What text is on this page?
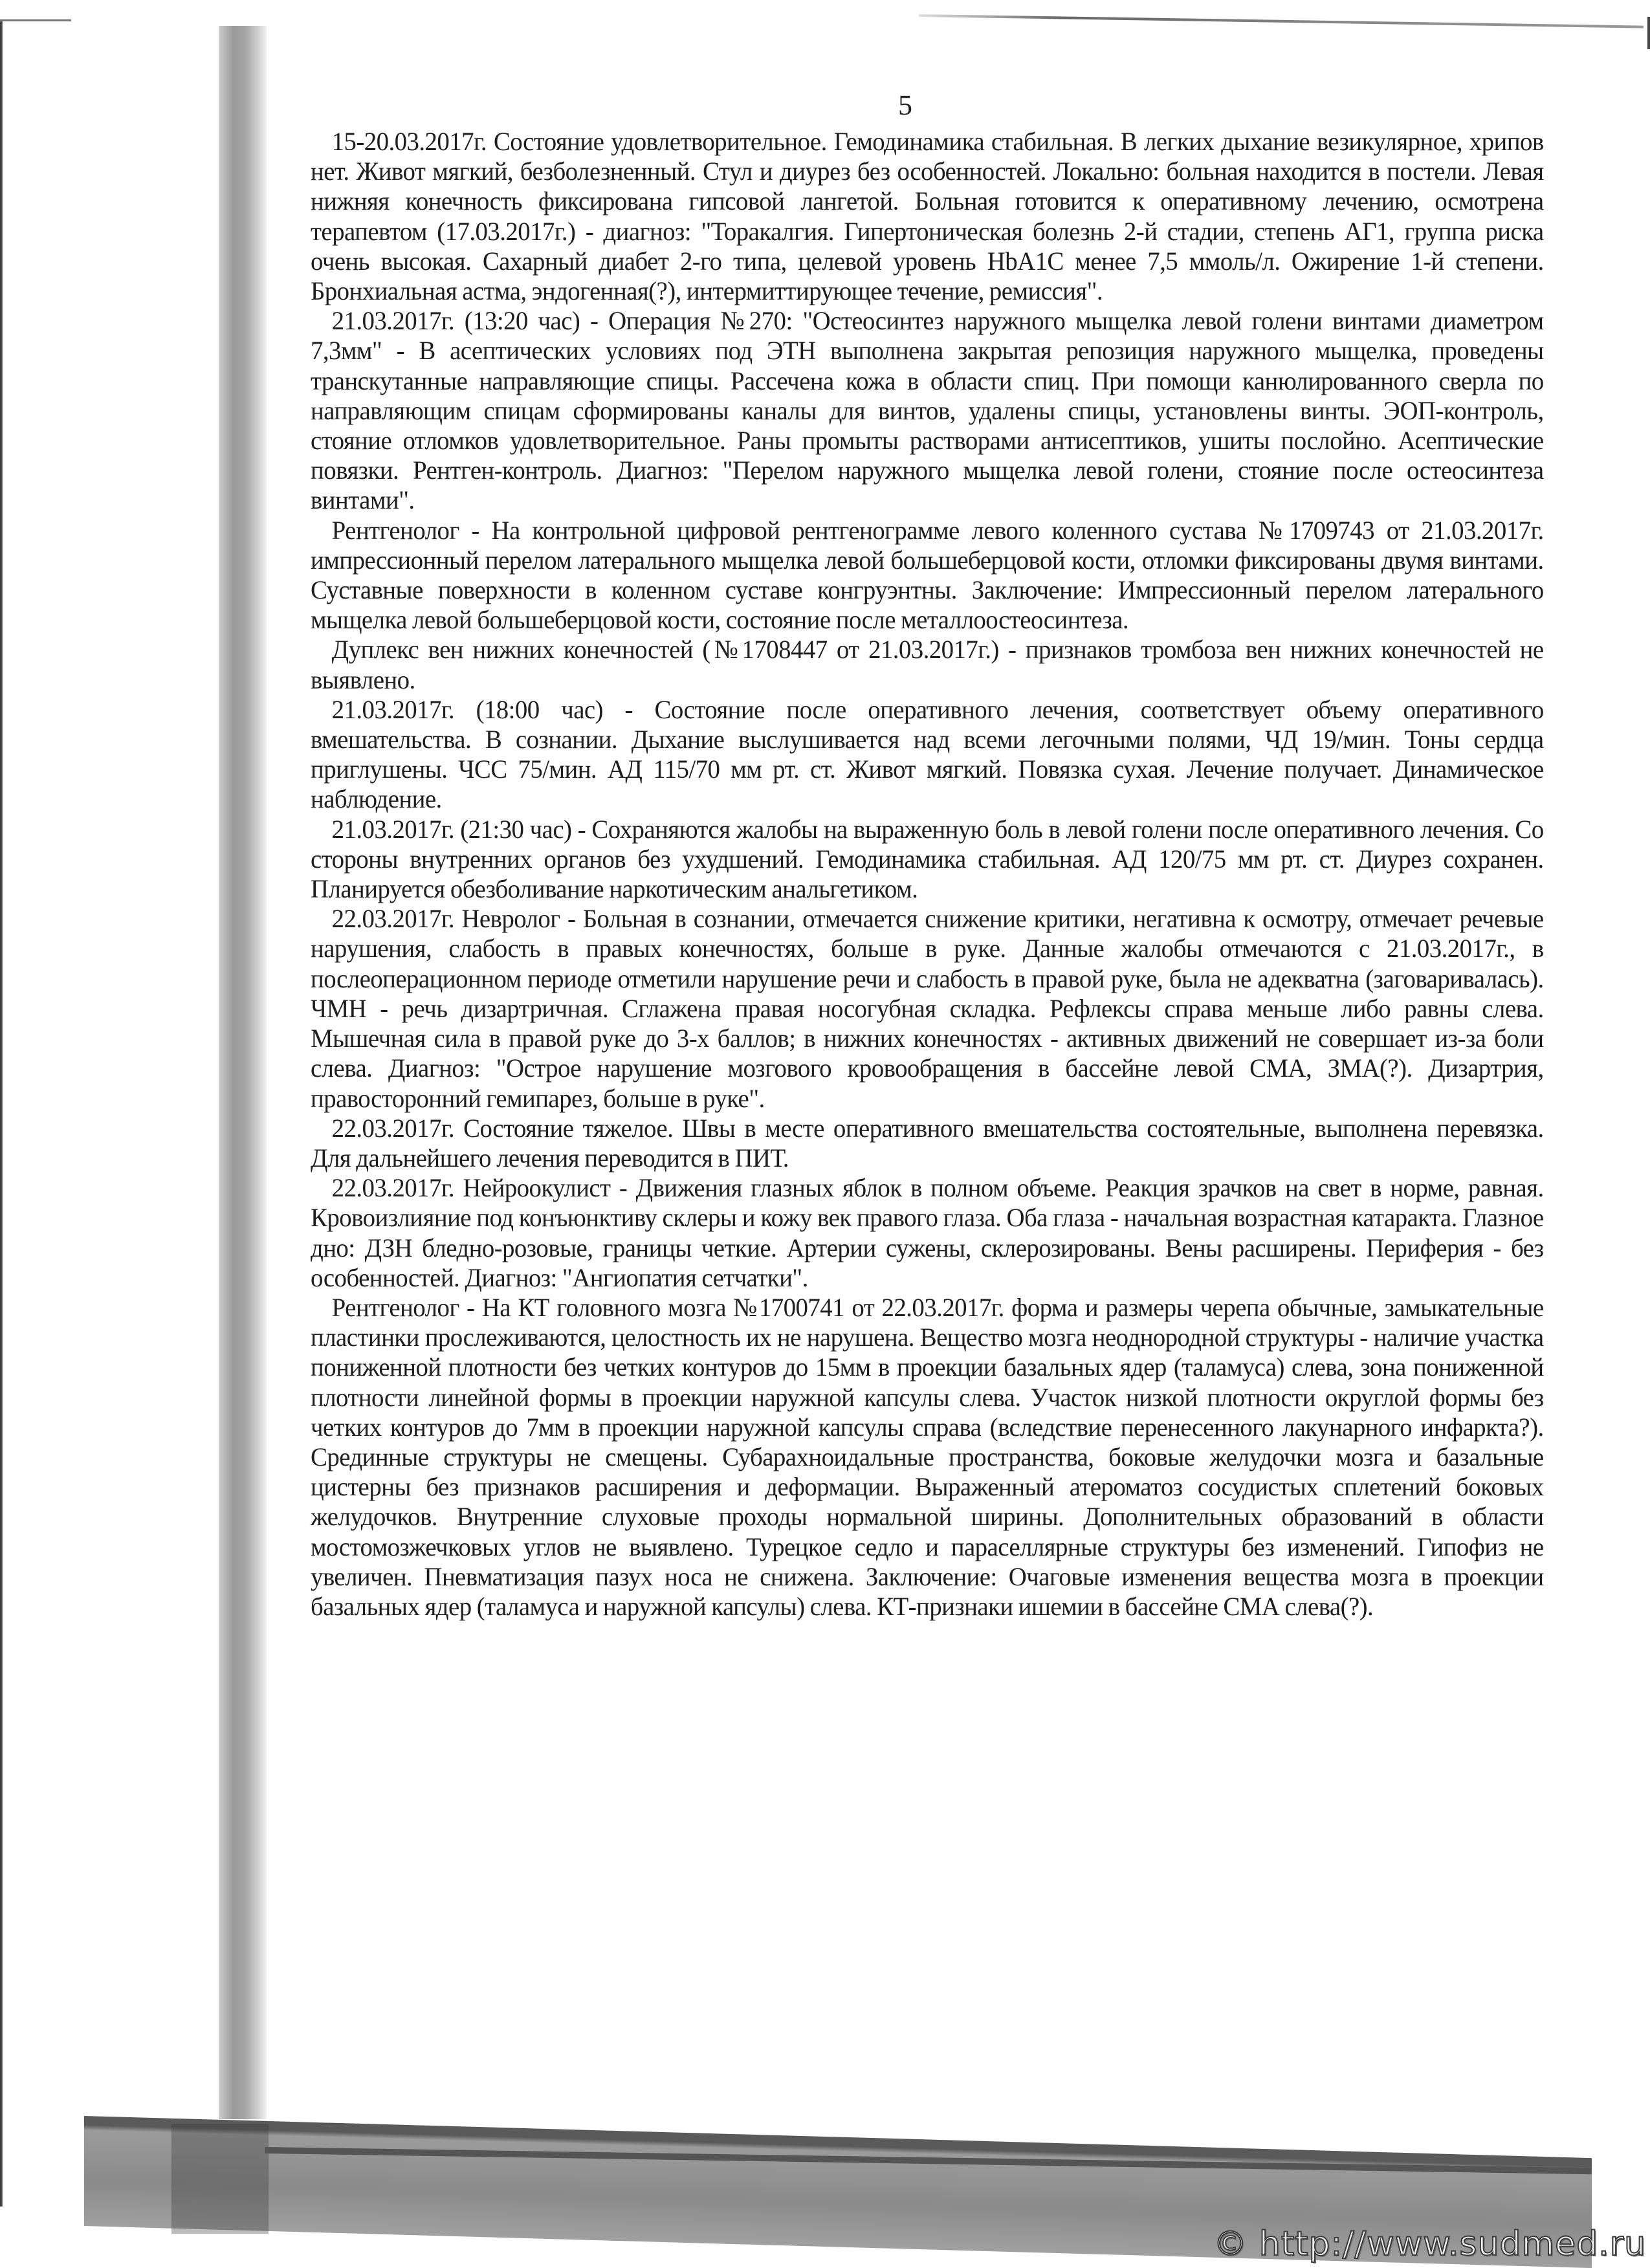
5

15-20.03.2017г. Состояние удовлетворительное. Гемодинамика стабильная. В легких дыхание везикулярное, хрипов нет. Живот мягкий, безболезненный. Стул и диурез без особенностей. Локально: больная находится в постели. Левая нижняя конечность фиксирована гипсовой лангетой. Больная готовится к оперативному лечению, осмотрена терапевтом (17.03.2017г.) - диагноз: "Торакалгия. Гипертоническая болезнь 2-й стадии, степень АГ1, группа риска очень высокая. Сахарный диабет 2-го типа, целевой уровень HbA1C менее 7,5 ммоль/л. Ожирение 1-й степени. Бронхиальная астма, эндогенная(?), интермиттирующее течение, ремиссия".

21.03.2017г. (13:20 час) - Операция №270: "Остеосинтез наружного мыщелка левой голени винтами диаметром 7,3мм" - В асептических условиях под ЭТН выполнена закрытая репозиция наружного мыщелка, проведены транскутанные направляющие спицы. Рассечена кожа в области спиц. При помощи канюлированного сверла по направляющим спицам сформированы каналы для винтов, удалены спицы, установлены винты. ЭОП-контроль, стояние отломков удовлетворительное. Раны промыты растворами антисептиков, ушиты послойно. Асептические повязки. Рентген-контроль. Диагноз: "Перелом наружного мыщелка левой голени, стояние после остеосинтеза винтами".

Рентгенолог - На контрольной цифровой рентгенограмме левого коленного сустава №1709743 от 21.03.2017г. импрессионный перелом латерального мыщелка левой большеберцовой кости, отломки фиксированы двумя винтами. Суставные поверхности в коленном суставе конгруэнтны. Заключение: Импрессионный перелом латерального мыщелка левой большеберцовой кости, состояние после металлоостеосинтеза.

Дуплекс вен нижних конечностей (№1708447 от 21.03.2017г.) - признаков тромбоза вен нижних конечностей не выявлено.

21.03.2017г. (18:00 час) - Состояние после оперативного лечения, соответствует объему оперативного вмешательства. В сознании. Дыхание выслушивается над всеми легочными полями, ЧД 19/мин. Тоны сердца приглушены. ЧСС 75/мин. АД 115/70 мм рт. ст. Живот мягкий. Повязка сухая. Лечение получает. Динамическое наблюдение.

21.03.2017г. (21:30 час) - Сохраняются жалобы на выраженную боль в левой голени после оперативного лечения. Со стороны внутренних органов без ухудшений. Гемодинамика стабильная. АД 120/75 мм рт. ст. Диурез сохранен. Планируется обезболивание наркотическим анальгетиком.

22.03.2017г. Невролог - Больная в сознании, отмечается снижение критики, негативна к осмотру, отмечает речевые нарушения, слабость в правых конечностях, больше в руке. Данные жалобы отмечаются с 21.03.2017г., в послеоперационном периоде отметили нарушение речи и слабость в правой руке, была не адекватна (заговаривалась). ЧМН - речь дизартричная. Сглажена правая носогубная складка. Рефлексы справа меньше либо равны слева. Мышечная сила в правой руке до 3-х баллов; в нижних конечностях - активных движений не совершает из-за боли слева. Диагноз: "Острое нарушение мозгового кровообращения в бассейне левой СМА, ЗМА(?). Дизартрия, правосторонний гемипарез, больше в руке".

22.03.2017г. Состояние тяжелое. Швы в месте оперативного вмешательства состоятельные, выполнена перевязка. Для дальнейшего лечения переводится в ПИТ.

22.03.2017г. Нейроокулист - Движения глазных яблок в полном объеме. Реакция зрачков на свет в норме, равная. Кровоизлияние под конъюнктиву склеры и кожу век правого глаза. Оба глаза - начальная возрастная катаракта. Глазное дно: ДЗН бледно-розовые, границы четкие. Артерии сужены, склерозированы. Вены расширены. Периферия - без особенностей. Диагноз: "Ангиопатия сетчатки".

Рентгенолог - На КТ головного мозга №1700741 от 22.03.2017г. форма и размеры черепа обычные, замыкательные пластинки прослеживаются, целостность их не нарушена. Вещество мозга неоднородной структуры - наличие участка пониженной плотности без четких контуров до 15мм в проекции базальных ядер (таламуса) слева, зона пониженной плотности линейной формы в проекции наружной капсулы слева. Участок низкой плотности округлой формы без четких контуров до 7мм в проекции наружной капсулы справа (вследствие перенесенного лакунарного инфаркта?). Срединные структуры не смещены. Субарахноидальные пространства, боковые желудочки мозга и базальные цистерны без признаков расширения и деформации. Выраженный атероматоз сосудистых сплетений боковых желудочков. Внутренние слуховые проходы нормальной ширины. Дополнительных образований в области мостомозжечковых углов не выявлено. Турецкое седло и параселлярные структуры без изменений. Гипофиз не увеличен. Пневматизация пазух носа не снижена. Заключение: Очаговые изменения вещества мозга в проекции базальных ядер (таламуса и наружной капсулы) слева. КТ-признаки ишемии в бассейне СМА слева(?).

© http://www.sudmed.ru
